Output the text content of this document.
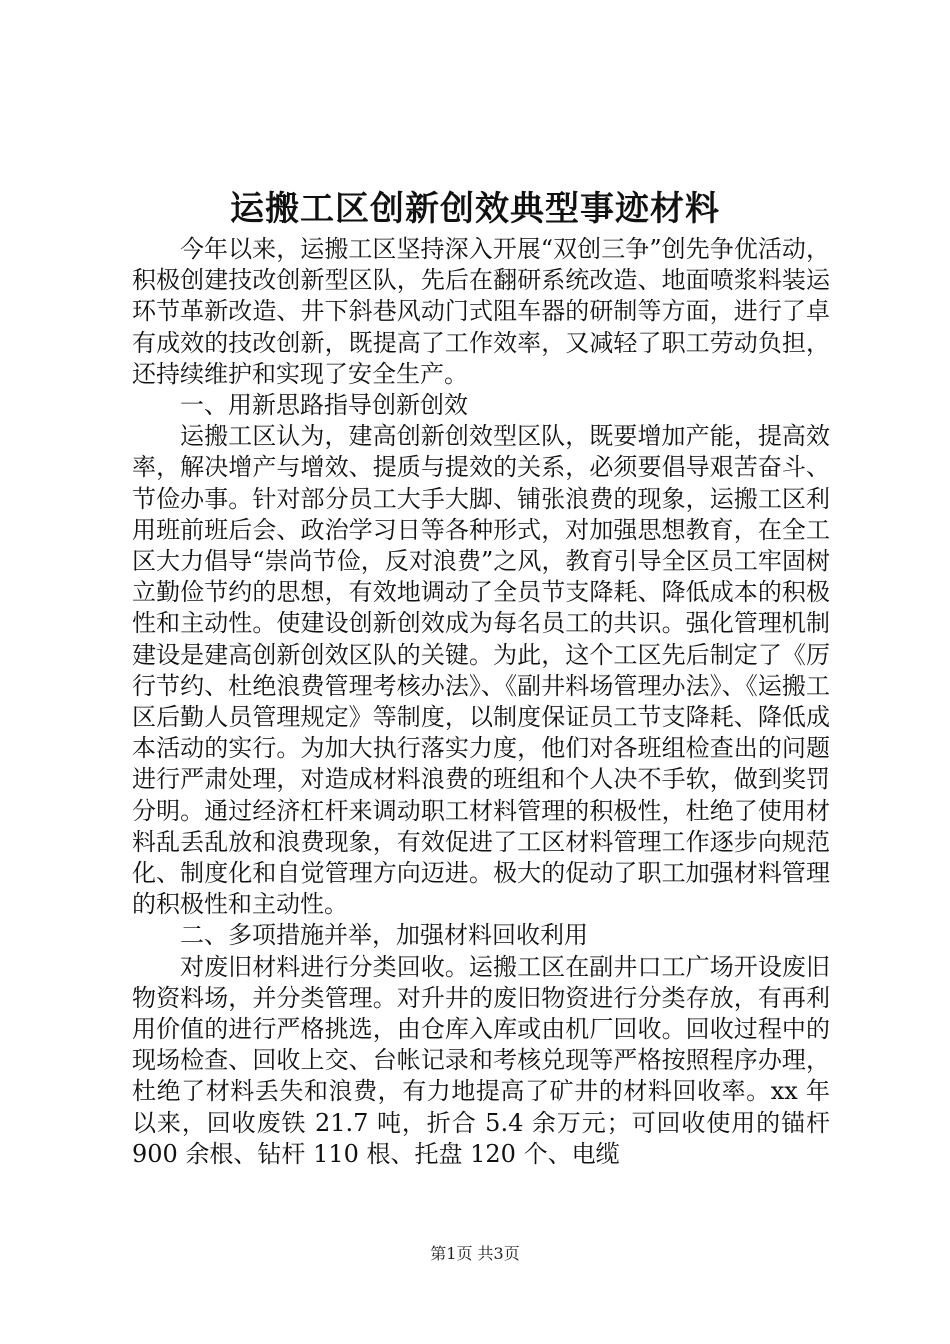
运搬工区创新创效典型事迹材料

今年以来，运搬工区坚持深入开展“双创三争”创先争优活动，积极创建技改创新型区队，先后在翻研系统改造、地面喷浆料装运环节革新改造、井下斜巷风动门式阻车器的研制等方面，进行了卓有成效的技改创新，既提高了工作效率，又减轻了职工劳动负担，还持续维护和实现了安全生产。

一、用新思路指导创新创效

运搬工区认为，建高创新创效型区队，既要增加产能，提高效率，解决增产与增效、提质与提效的关系，必须要倡导艰苦奋斗、节俭办事。针对部分员工大手大脚、铺张浪费的现象，运搬工区利用班前班后会、政治学习日等各种形式，对加强思想教育，在全工区大力倡导“崇尚节俭，反对浪费”之风，教育引导全区员工牢固树立勤俭节约的思想，有效地调动了全员节支降耗、降低成本的积极性和主动性。使建设创新创效成为每名员工的共识。强化管理机制建设是建高创新创效区队的关键。为此，这个工区先后制定了《厉行节约、杜绝浪费管理考核办法》、《副井料场管理办法》、《运搬工区后勤人员管理规定》等制度，以制度保证员工节支降耗、降低成本活动的实行。为加大执行落实力度，他们对各班组检查出的问题进行严肃处理，对造成材料浪费的班组和个人决不手软，做到奖罚分明。通过经济杠杆来调动职工材料管理的积极性，杜绝了使用材料乱丢乱放和浪费现象，有效促进了工区材料管理工作逐步向规范化、制度化和自觉管理方向迈进。极大的促动了职工加强材料管理的积极性和主动性。

二、多项措施并举，加强材料回收利用

对废旧材料进行分类回收。运搬工区在副井口工广场开设废旧物资料场，并分类管理。对升井的废旧物资进行分类存放，有再利用价值的进行严格挑选，由仓库入库或由机厂回收。回收过程中的现场检查、回收上交、台帐记录和考核兑现等严格按照程序办理，杜绝了材料丢失和浪费，有力地提高了矿井的材料回收率。xx 年以来，回收废铁 21.7 吨，折合 5.4 余万元；可回收使用的锚杆 900 余根、钻杆 110 根、托盘 120 个、电缆

第1页 共3页
